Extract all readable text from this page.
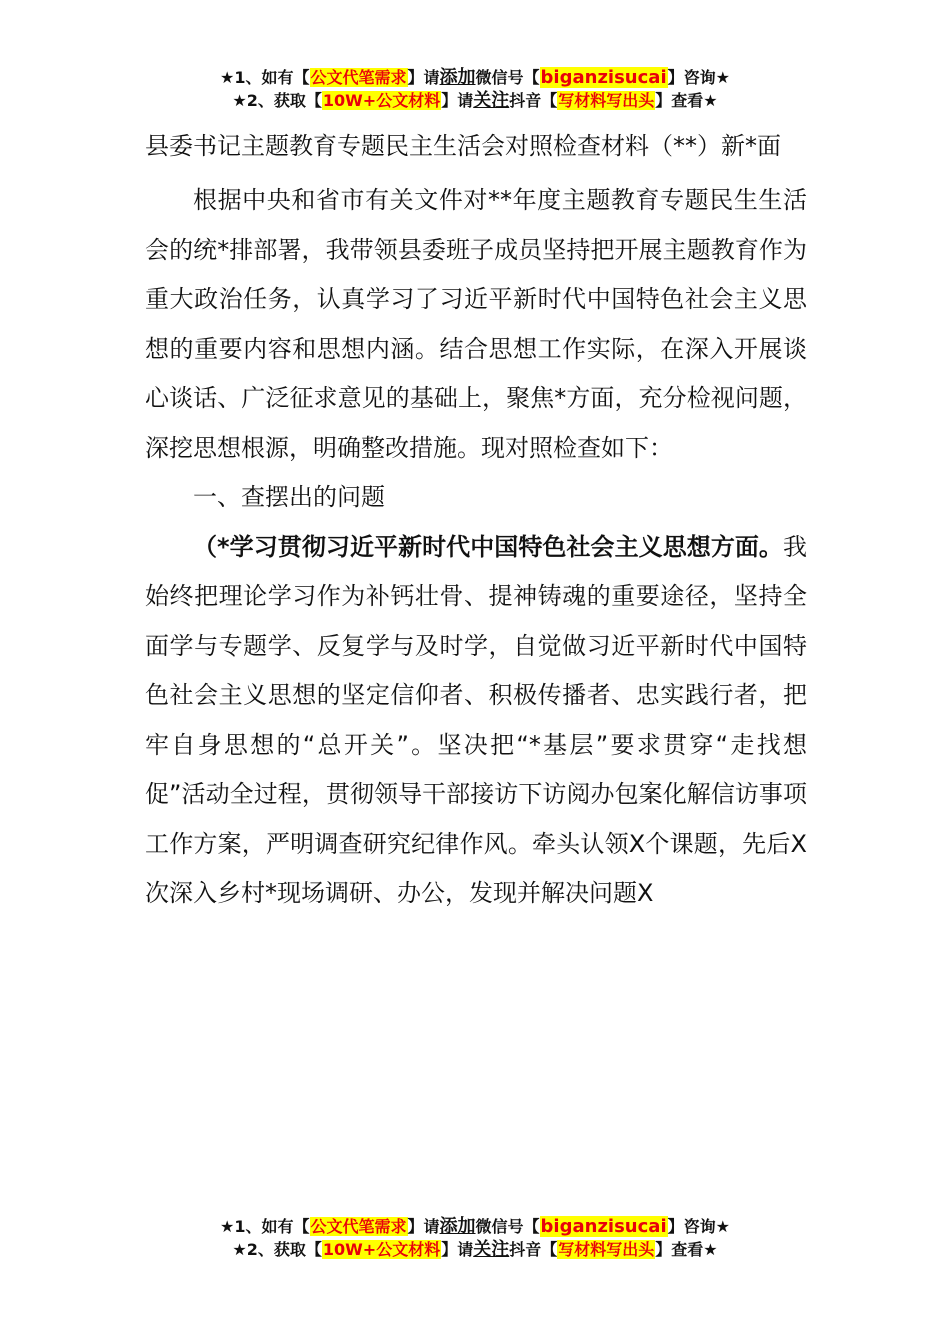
★1、如有【公文代笔需求】请添加微信号【biganzisucai】咨询★
★2、获取【10W+公文材料】请关注抖音【写材料写出头】查看★
县委书记主题教育专题民主生活会对照检查材料（**）新*面

根据中央和省市有关文件对**年度主题教育专题民生生活会的统*排部署，我带领县委班子成员坚持把开展主题教育作为重大政治任务，认真学习了习近平新时代中国特色社会主义思想的重要内容和思想内涵。结合思想工作实际，在深入开展谈心谈话、广泛征求意见的基础上，聚焦*方面，充分检视问题，深挖思想根源，明确整改措施。现对照检查如下：

一、查摆出的问题

（*学习贯彻习近平新时代中国特色社会主义思想方面。我始终把理论学习作为补钙壮骨、提神铸魂的重要途径，坚持全面学与专题学、反复学与及时学，自觉做习近平新时代中国特色社会主义思想的坚定信仰者、积极传播者、忠实践行者，把牢自身思想的“总开关”。坚决把“*基层”要求贯穿“走找想促”活动全过程，贯彻领导干部接访下访阅办包案化解信访事项工作方案，严明调查研究纪律作风。牵头认领X个课题，先后X次深入乡村*现场调研、办公，发现并解决问题X

★1、如有【公文代笔需求】请添加微信号【biganzisucai】咨询★
★2、获取【10W+公文材料】请关注抖音【写材料写出头】查看★
